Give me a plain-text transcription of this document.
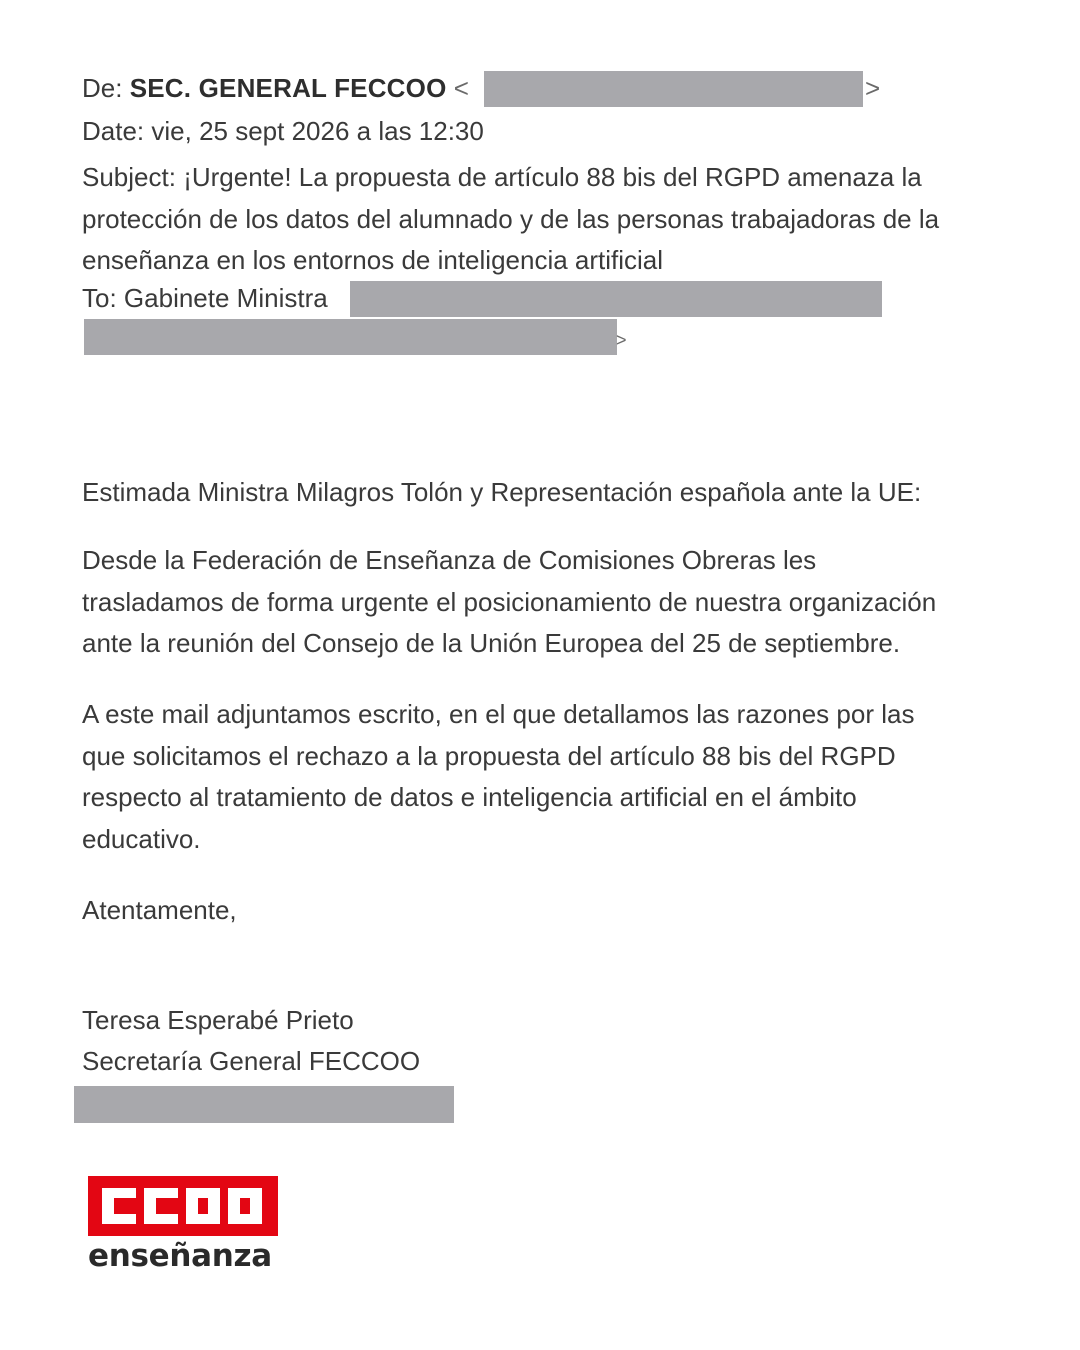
De: SEC. GENERAL FECCOO <	>
Date: vie, 25 sept 2026 a las 12:30
Subject: ¡Urgente! La propuesta de artículo 88 bis del RGPD amenaza la
protección de los datos del alumnado y de las personas trabajadoras de la
enseñanza en los entornos de inteligencia artificial
To: Gabinete Ministra
>
Estimada Ministra Milagros Tolón y Representación española ante la UE:
Desde la Federación de Enseñanza de Comisiones Obreras les
trasladamos de forma urgente el posicionamiento de nuestra organización
ante la reunión del Consejo de la Unión Europea del 25 de septiembre.
A este mail adjuntamos escrito, en el que detallamos las razones por las
que solicitamos el rechazo a la propuesta del artículo 88 bis del RGPD
respecto al tratamiento de datos e inteligencia artificial en el ámbito
educativo.
Atentamente,
Teresa Esperabé Prieto
Secretaría General FECCOO
enseñanza
